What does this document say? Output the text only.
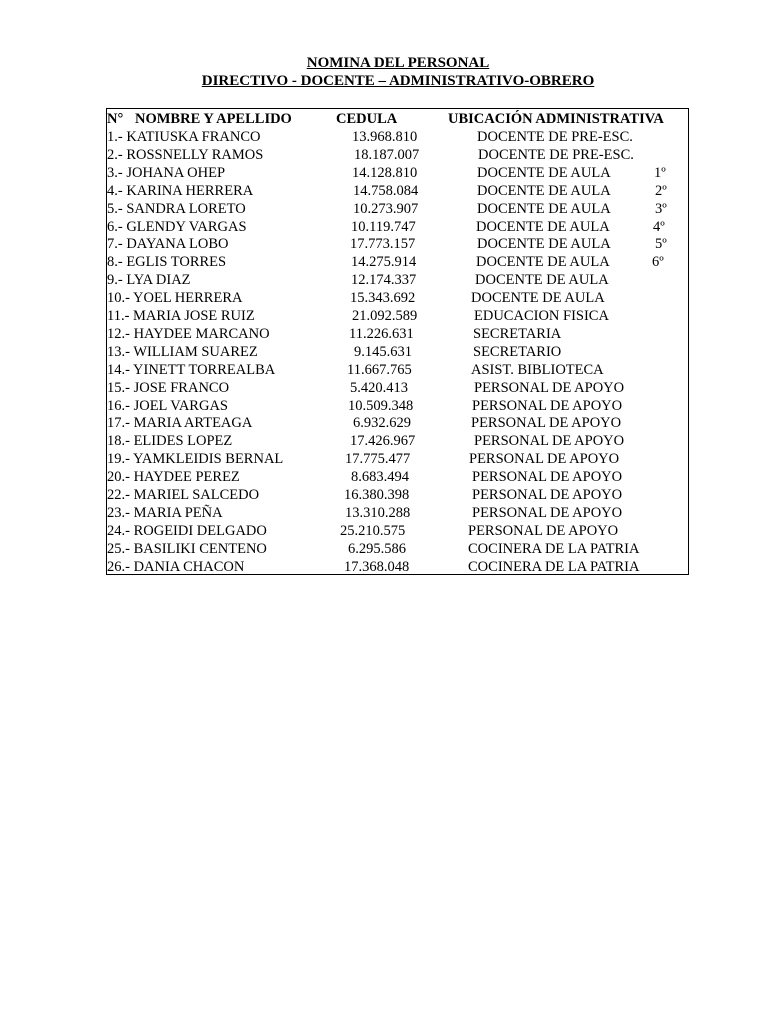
NOMINA DEL PERSONAL
DIRECTIVO - DOCENTE – ADMINISTRATIVO-OBRERO
N° NOMBRE Y APELLIDO	CEDULA	UBICACIÓN ADMINISTRATIVA
1.- KATIUSKA FRANCO	13.968.810	DOCENTE DE PRE-ESC.
2.- ROSSNELLY RAMOS	18.187.007	DOCENTE DE PRE-ESC.
3.- JOHANA OHEP	14.128.810	DOCENTE DE AULA	1º
4.- KARINA HERRERA	14.758.084	DOCENTE DE AULA	2º
5.- SANDRA LORETO	10.273.907	DOCENTE DE AULA	3º
6.- GLENDY VARGAS	10.119.747	DOCENTE DE AULA	4º
7.- DAYANA LOBO	17.773.157	DOCENTE DE AULA	5º
8.- EGLIS TORRES	14.275.914	DOCENTE DE AULA	6º
9.- LYA DIAZ	12.174.337	DOCENTE DE AULA
10.- YOEL HERRERA	15.343.692	DOCENTE DE AULA
11.- MARIA JOSE RUIZ	21.092.589	EDUCACION FISICA
12.- HAYDEE MARCANO	11.226.631	SECRETARIA
13.- WILLIAM SUAREZ	9.145.631	SECRETARIO
14.- YINETT TORREALBA	11.667.765	ASIST. BIBLIOTECA
15.- JOSE FRANCO	5.420.413	PERSONAL DE APOYO
16.- JOEL VARGAS	10.509.348	PERSONAL DE APOYO
17.- MARIA ARTEAGA	6.932.629	PERSONAL DE APOYO
18.- ELIDES LOPEZ	17.426.967	PERSONAL DE APOYO
19.- YAMKLEIDIS BERNAL	17.775.477	PERSONAL DE APOYO
20.- HAYDEE PEREZ	8.683.494	PERSONAL DE APOYO
22.- MARIEL SALCEDO	16.380.398	PERSONAL DE APOYO
23.- MARIA PEÑA	13.310.288	PERSONAL DE APOYO
24.- ROGEIDI DELGADO	25.210.575	PERSONAL DE APOYO
25.- BASILIKI CENTENO	6.295.586	COCINERA DE LA PATRIA
26.- DANIA CHACON	17.368.048	COCINERA DE LA PATRIA
